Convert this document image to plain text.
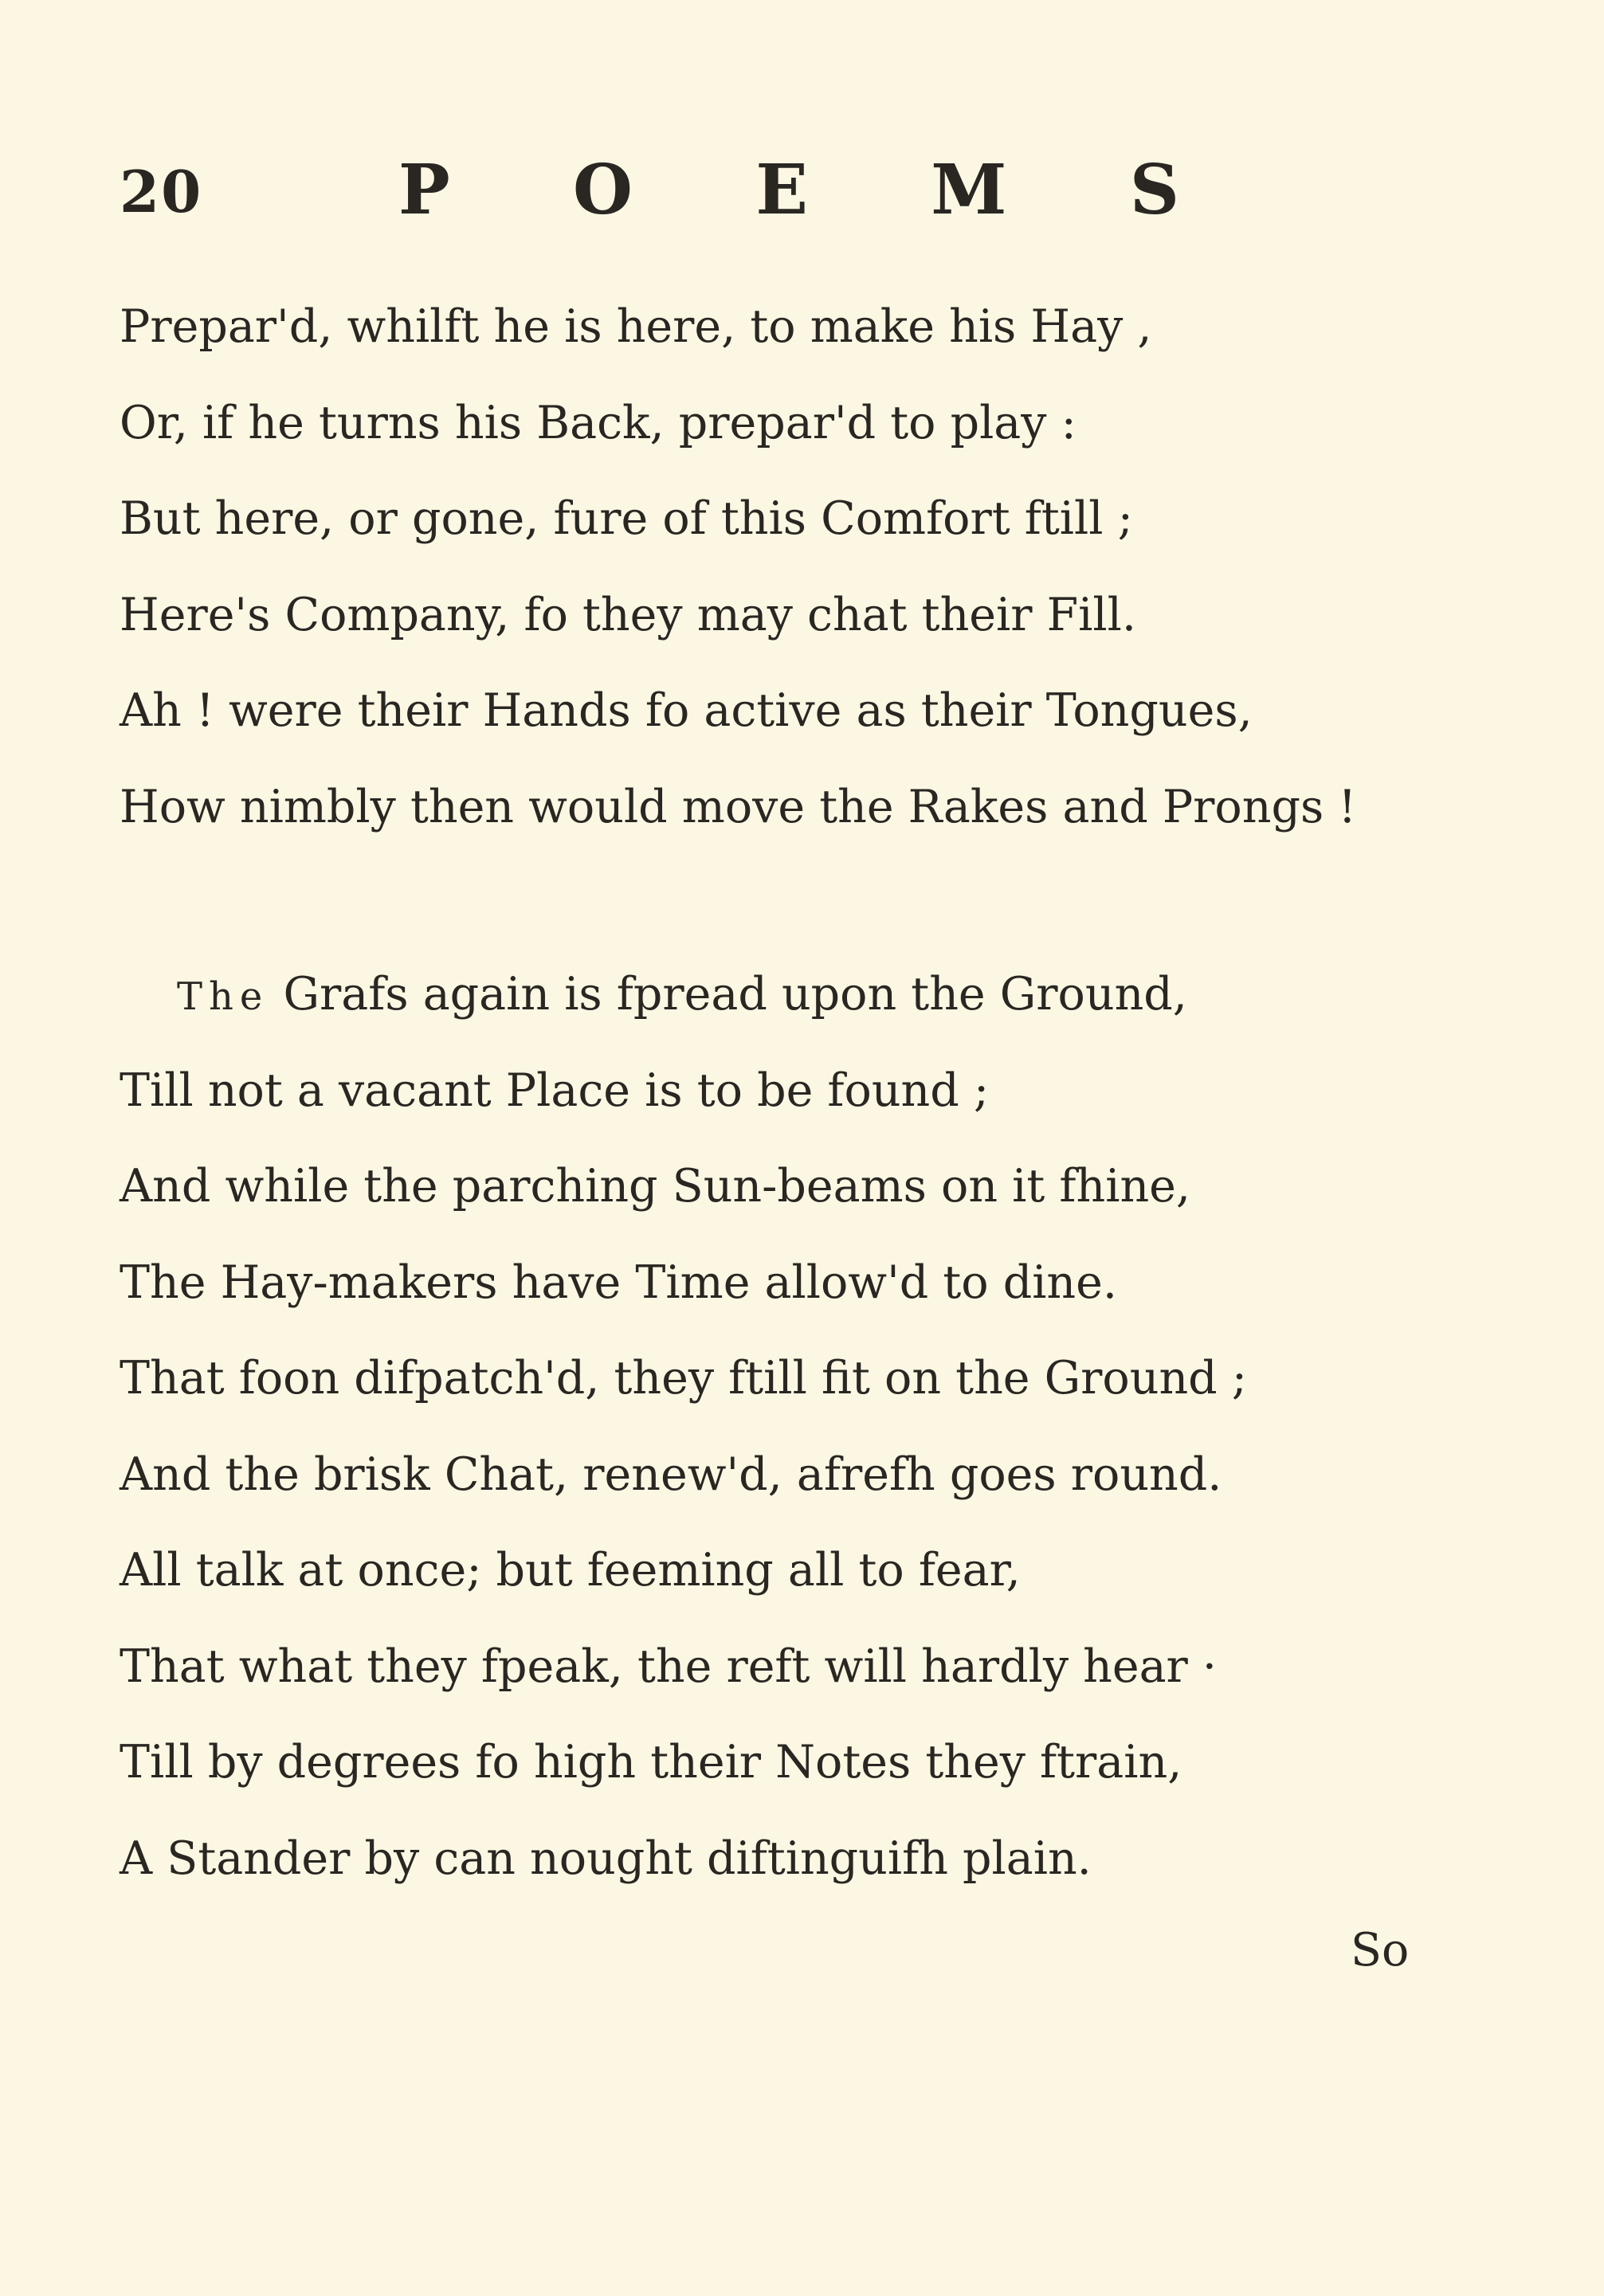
20	P O E M S
Prepar'd, whilft he is here, to make his Hay ,
Or, if he turns his Back, prepar'd to play :
But here, or gone, fure of this Comfort ftill ;
Here's Company, fo they may chat their Fill.
Ah ! were their Hands fo active as their Tongues,
How nimbly then would move the Rakes and Prongs !
The Grafs again is fpread upon the Ground,
Till not a vacant Place is to be found ;
And while the parching Sun-beams on it fhine,
The Hay-makers have Time allow'd to dine.
That foon difpatch'd, they ftill fit on the Ground ;
And the brisk Chat, renew'd, afrefh goes round.
All talk at once; but feeming all to fear,
That what they fpeak, the reft will hardly hear ·
Till by degrees fo high their Notes they ftrain,
A Stander by can nought diftinguifh plain.
So
